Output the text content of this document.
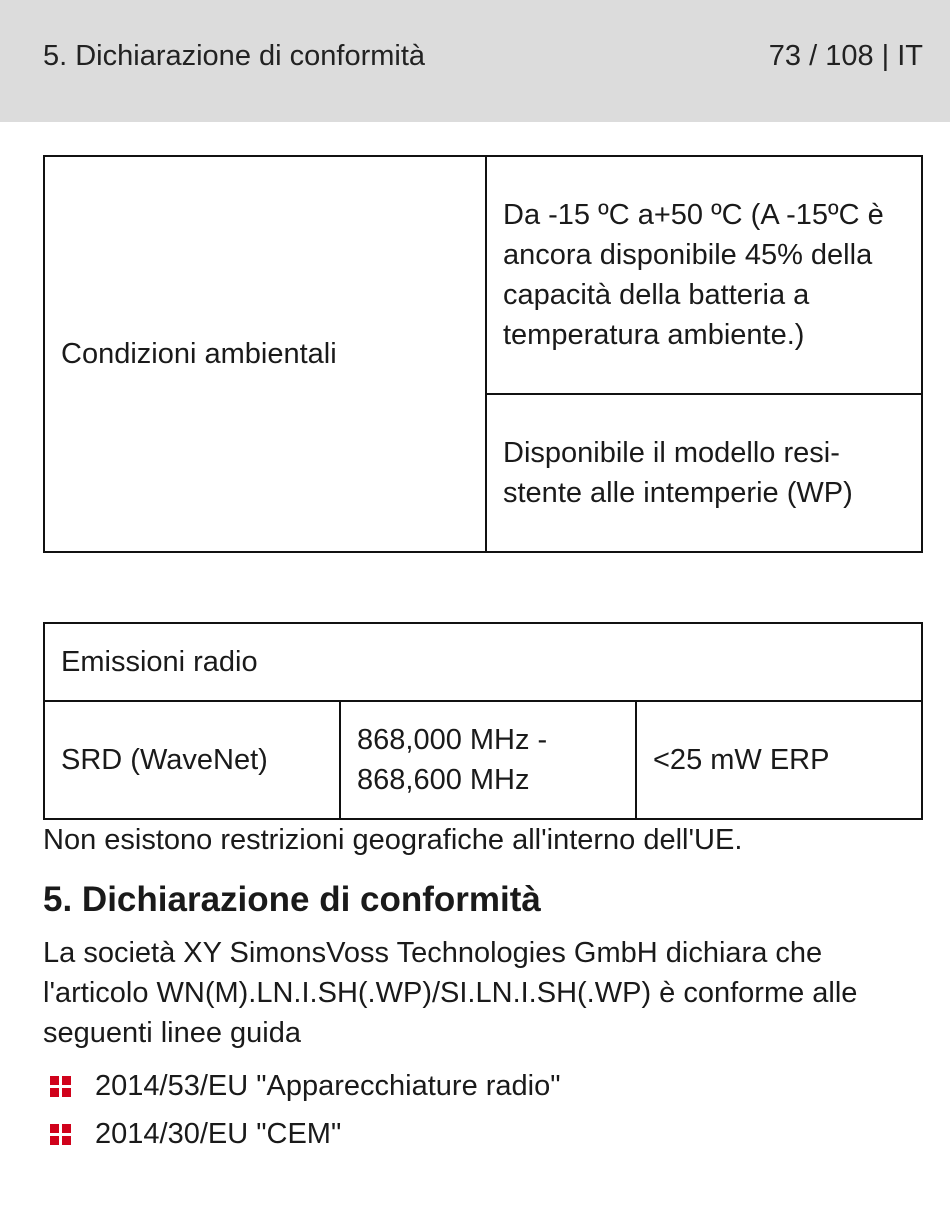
5. Dichiarazione di conformità	73 / 108 | IT
Condizioni ambientali	Da -15 ºC a+50 ºC (A -15ºC è ancora disponibile 45% della capacità della batteria a temperatura ambiente.)
Disponibile il modello resi-stente alle intemperie (WP)
Emissioni radio
SRD (WaveNet)	868,000 MHz - 868,600 MHz	<25 mW ERP
Non esistono restrizioni geografiche all'interno dell'UE.
5. Dichiarazione di conformità
La società XY SimonsVoss Technologies GmbH dichiara che l'articolo WN(M).LN.I.SH(.WP)/SI.LN.I.SH(.WP) è conforme alle seguenti linee guida
2014/53/EU "Apparecchiature radio"
2014/30/EU "CEM"
